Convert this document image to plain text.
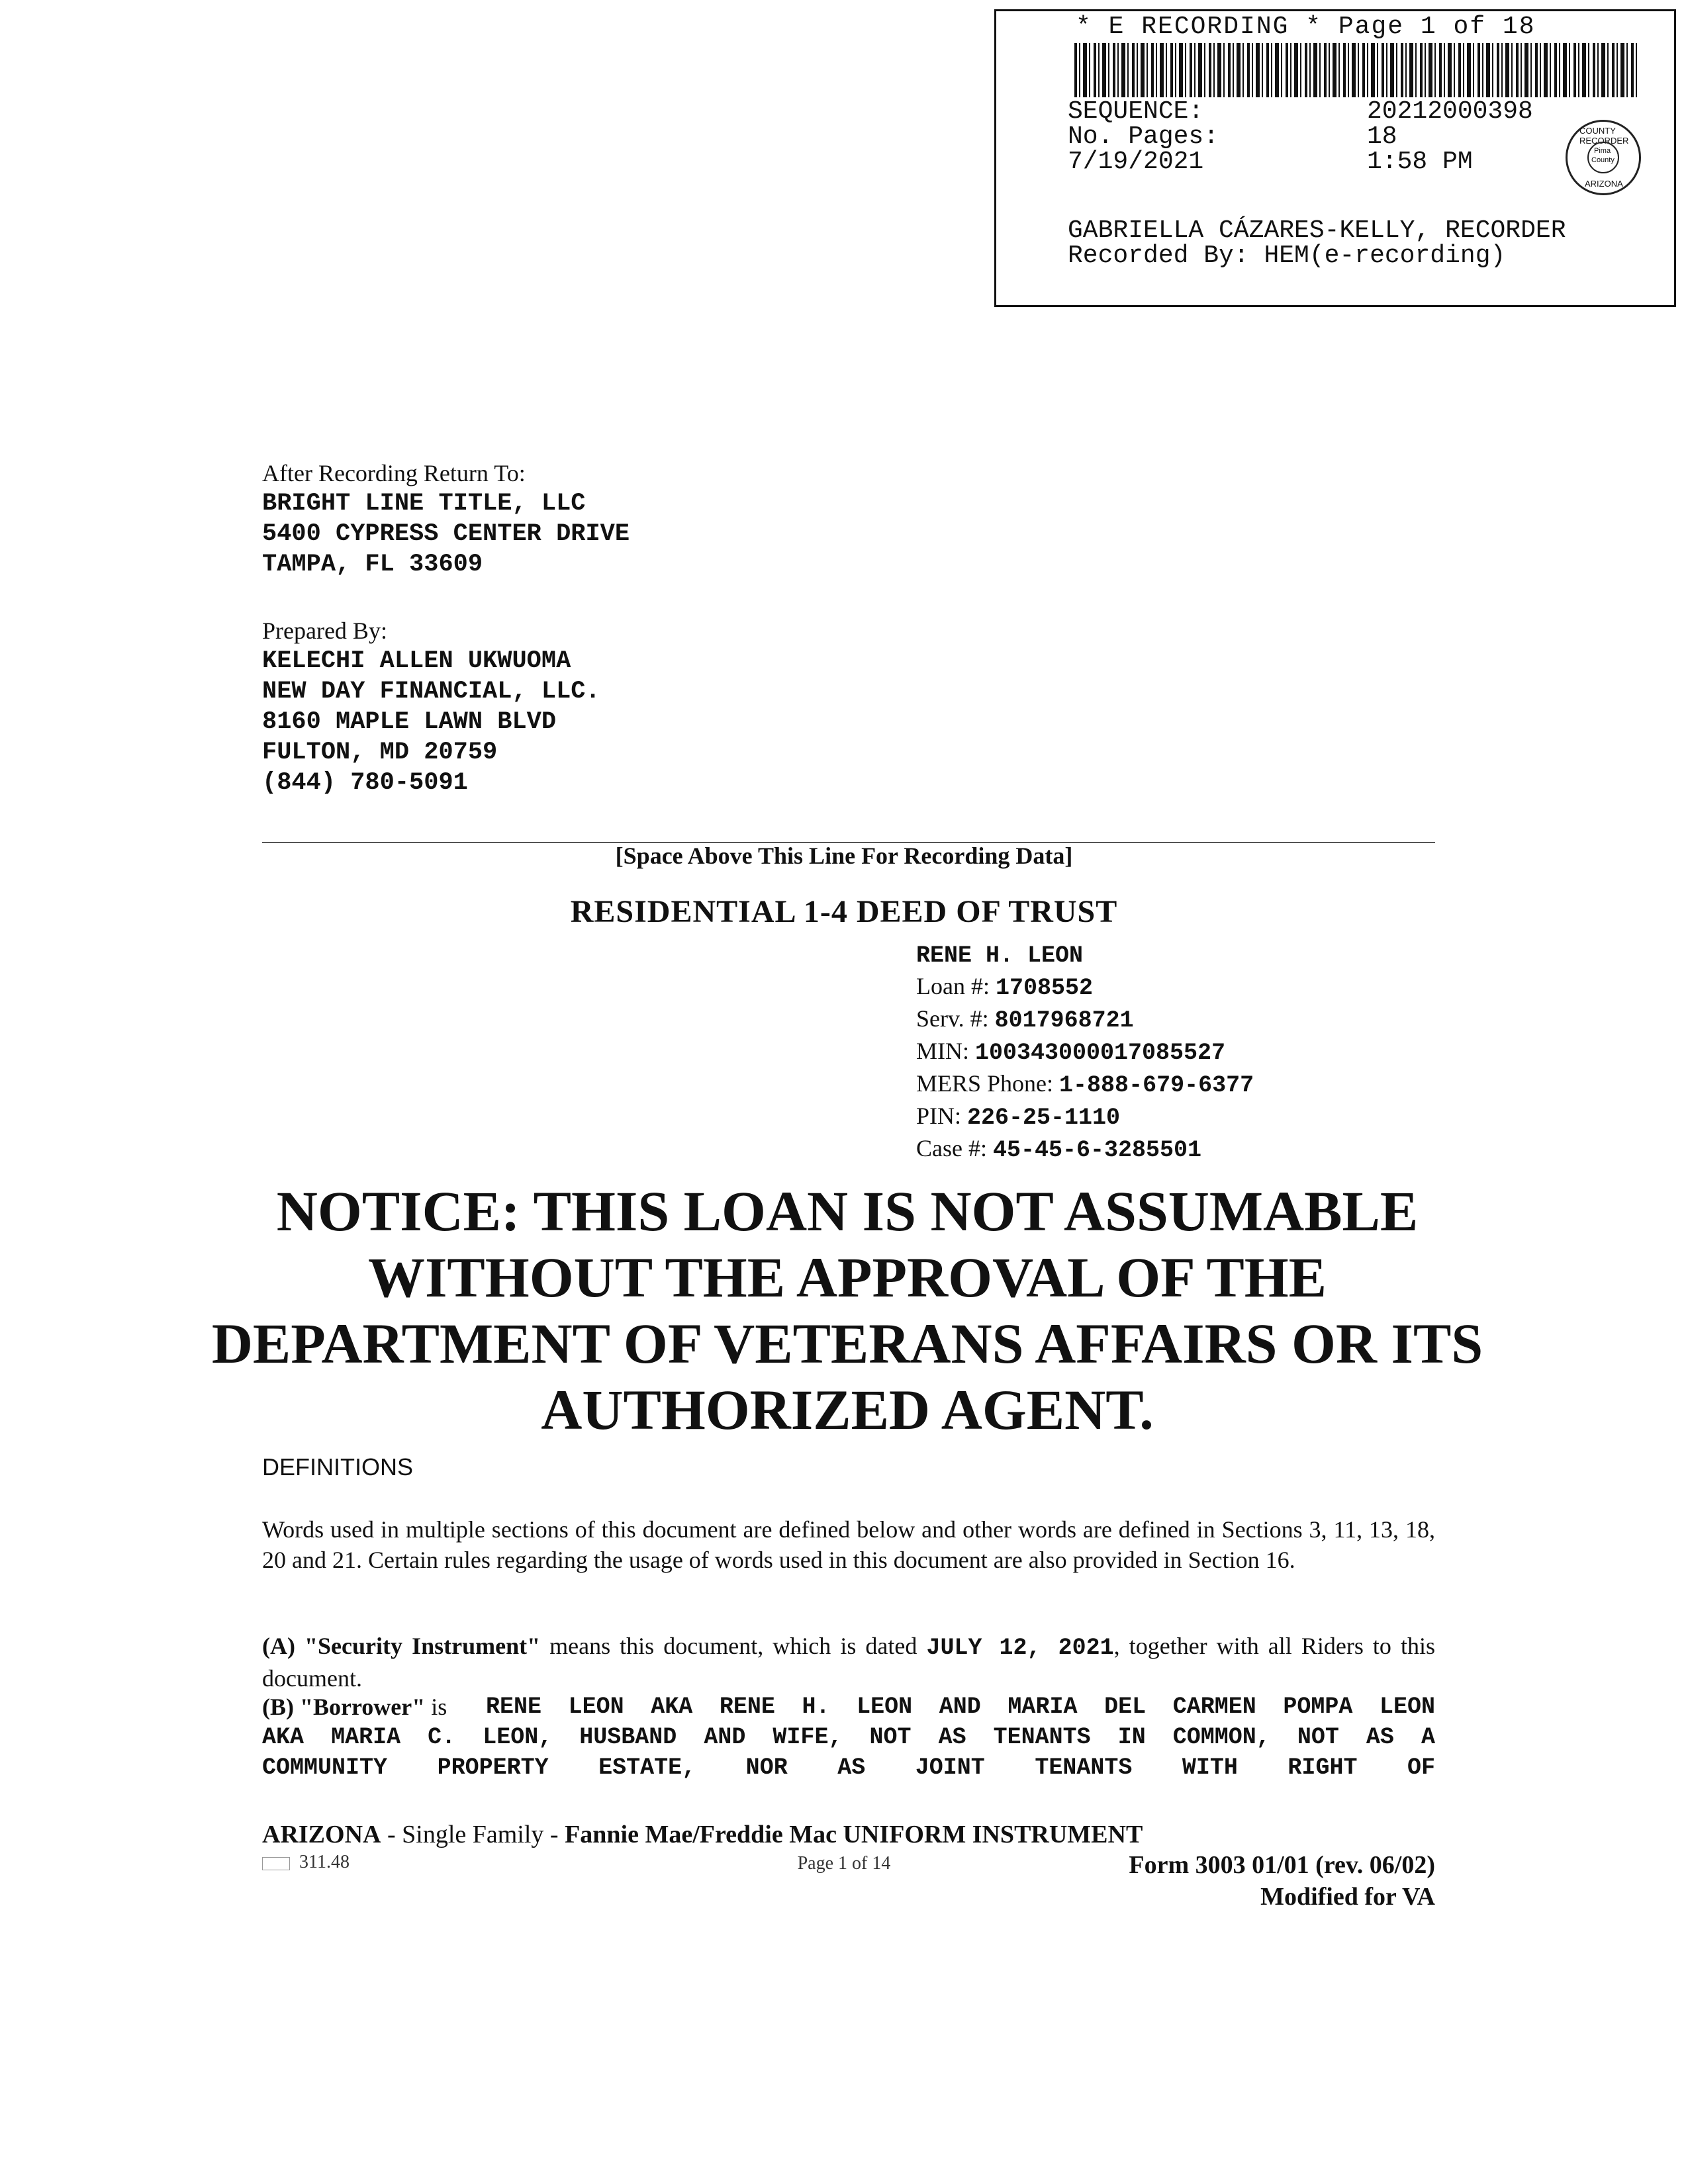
* E RECORDING * Page 1 of 18
SEQUENCE:	20212000398
No. Pages:	18
7/19/2021	1:58 PM
COUNTY RECORDER
Pima
County
ARIZONA
GABRIELLA CÁZARES-KELLY, RECORDER
Recorded By: HEM(e-recording)
After Recording Return To:
BRIGHT LINE TITLE, LLC
5400 CYPRESS CENTER DRIVE
TAMPA, FL 33609
Prepared By:
KELECHI ALLEN UKWUOMA
NEW DAY FINANCIAL, LLC.
8160 MAPLE LAWN BLVD
FULTON, MD 20759
(844) 780-5091
[Space Above This Line For Recording Data]
RESIDENTIAL 1-4 DEED OF TRUST
RENE H. LEON
Loan #: 1708552
Serv. #: 8017968721
MIN: 100343000017085527
MERS Phone: 1-888-679-6377
PIN: 226-25-1110
Case #: 45-45-6-3285501
NOTICE: THIS LOAN IS NOT ASSUMABLE WITHOUT THE APPROVAL OF THE DEPARTMENT OF VETERANS AFFAIRS OR ITS AUTHORIZED AGENT.
DEFINITIONS
Words used in multiple sections of this document are defined below and other words are defined in Sections 3, 11, 13, 18, 20 and 21. Certain rules regarding the usage of words used in this document are also provided in Section 16.
(A) "Security Instrument" means this document, which is dated JULY 12, 2021, together with all Riders to this document.
(B) "Borrower" is RENE LEON AKA RENE H. LEON AND MARIA DEL CARMEN POMPA LEON
AKA MARIA C. LEON, HUSBAND AND WIFE, NOT AS TENANTS IN COMMON, NOT AS A
COMMUNITY PROPERTY ESTATE, NOR AS JOINT TENANTS WITH RIGHT OF
ARIZONA - Single Family - Fannie Mae/Freddie Mac UNIFORM INSTRUMENT
311.48	Page 1 of 14	Form 3003 01/01 (rev. 06/02)
Modified for VA
